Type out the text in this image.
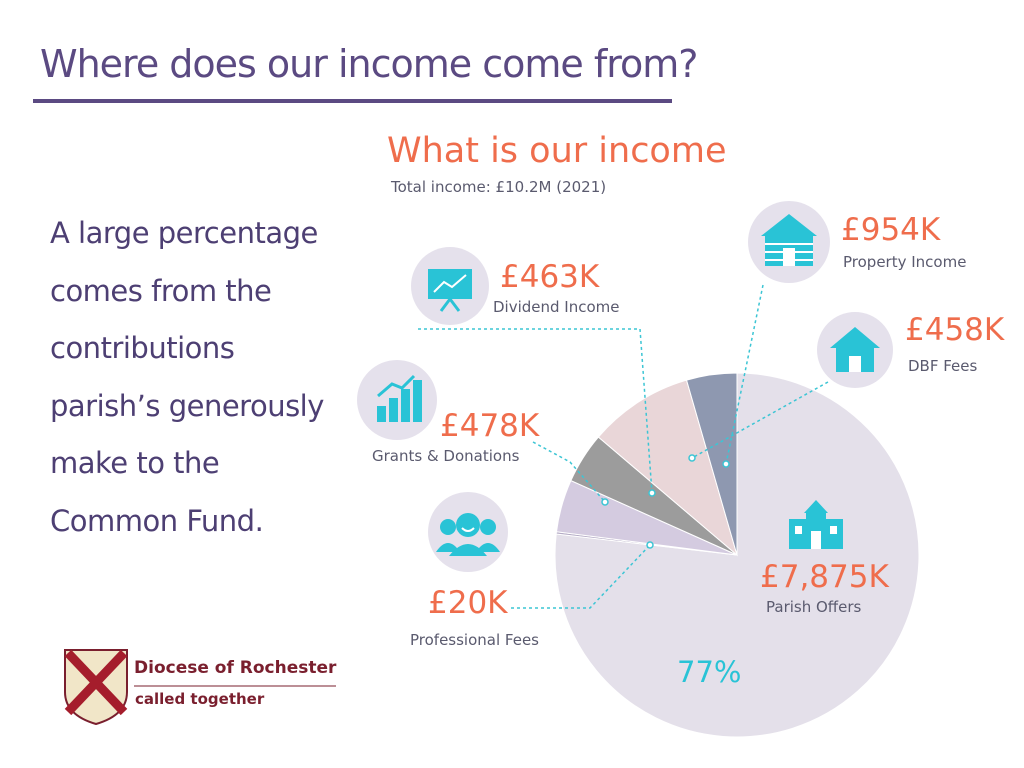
Where does our income come from?
A large percentage comes from the contributions parish’s generously make to the Common Fund.
What is our income
Total income: £10.2M (2021)
£954K
Property Income
£458K
DBF Fees
£463K
Dividend Income
£478K
Grants & Donations
£20K
Professional Fees
£7,875K
Parish Offers
77%
Diocese of Rochester
called together
